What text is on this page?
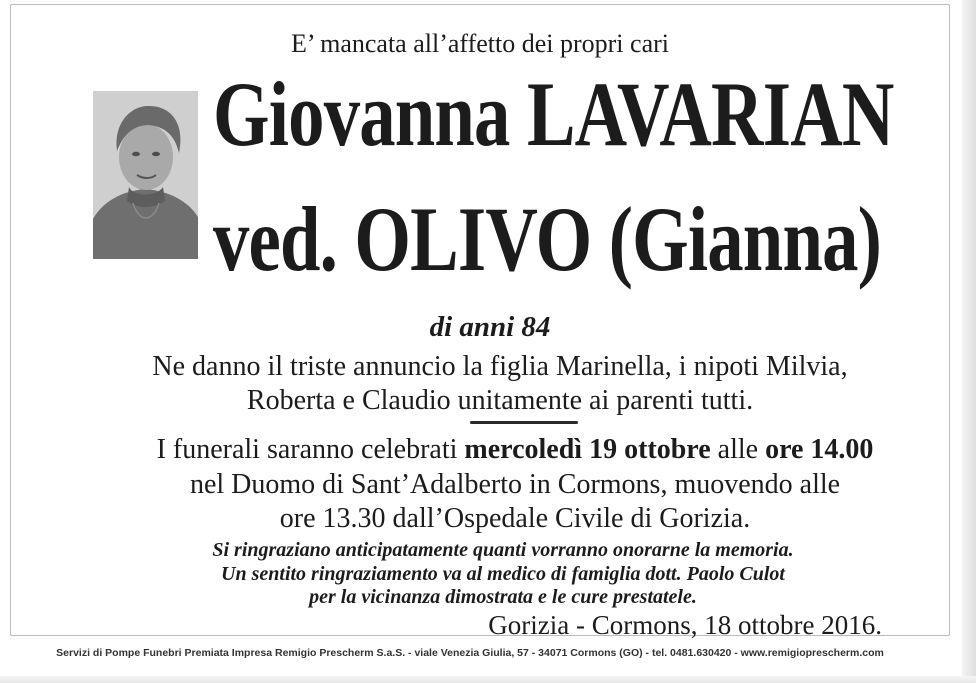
E’ mancata all’affetto dei propri cari
Giovanna LAVARIAN
ved. OLIVO (Gianna)
di anni 84
Ne danno il triste annuncio la figlia Marinella, i nipoti Milvia,
Roberta e Claudio unitamente ai parenti tutti.
I funerali saranno celebrati mercoledì 19 ottobre alle ore 14.00
nel Duomo di Sant’Adalberto in Cormons, muovendo alle
ore 13.30 dall’Ospedale Civile di Gorizia.
Si ringraziano anticipatamente quanti vorranno onorarne la memoria.
Un sentito ringraziamento va al medico di famiglia dott. Paolo Culot
per la vicinanza dimostrata e le cure prestatele.
Gorizia - Cormons, 18 ottobre 2016.
Servizi di Pompe Funebri Premiata Impresa Remigio Prescherm S.a.S. - viale Venezia Giulia, 57 - 34071 Cormons (GO) - tel. 0481.630420 - www.remigioprescherm.com
